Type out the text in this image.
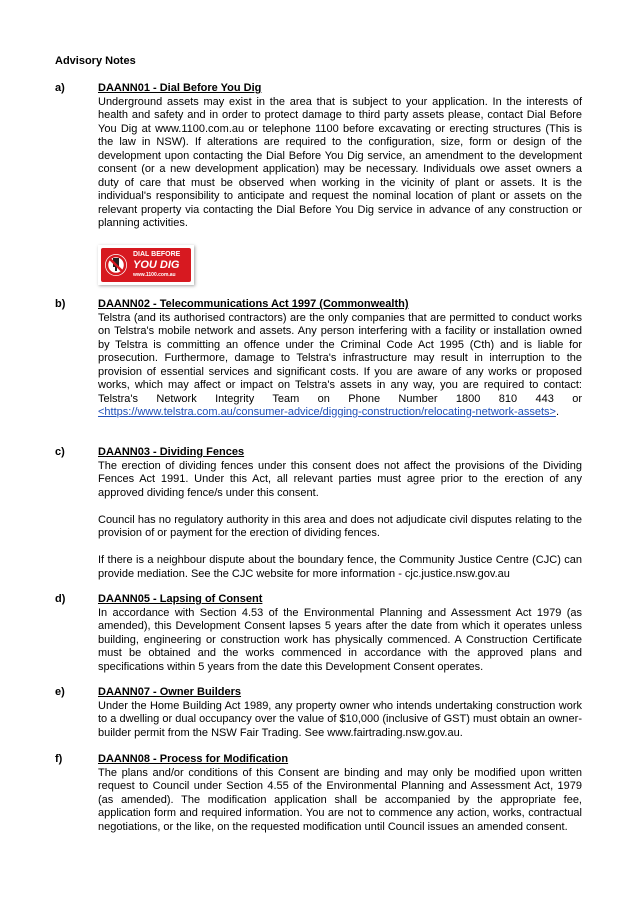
Advisory Notes
a)	DAANN01 - Dial Before You Dig

Underground assets may exist in the area that is subject to your application. In the interests of health and safety and in order to protect damage to third party assets please, contact Dial Before You Dig at www.1100.com.au or telephone 1100 before excavating or erecting structures (This is the law in NSW). If alterations are required to the configuration, size, form or design of the development upon contacting the Dial Before You Dig service, an amendment to the development consent (or a new development application) may be necessary. Individuals owe asset owners a duty of care that must be observed when working in the vicinity of plant or assets. It is the individual's responsibility to anticipate and request the nominal location of plant or assets on the relevant property via contacting the Dial Before You Dig service in advance of any construction or planning activities.

DIAL BEFORE
YOU DIG
www.1100.com.au
b)	DAANN02 - Telecommunications Act 1997 (Commonwealth)

Telstra (and its authorised contractors) are the only companies that are permitted to conduct works on Telstra's mobile network and assets. Any person interfering with a facility or installation owned by Telstra is committing an offence under the Criminal Code Act 1995 (Cth) and is liable for prosecution. Furthermore, damage to Telstra's infrastructure may result in interruption to the provision of essential services and significant costs. If you are aware of any works or proposed works, which may affect or impact on Telstra's assets in any way, you are required to contact: Telstra's Network Integrity Team on Phone Number 1800 810 443 or <https://www.telstra.com.au/consumer-advice/digging-construction/relocating-network-assets>.

c)	DAANN03 - Dividing Fences

The erection of dividing fences under this consent does not affect the provisions of the Dividing Fences Act 1991. Under this Act, all relevant parties must agree prior to the erection of any approved dividing fence/s under this consent.

Council has no regulatory authority in this area and does not adjudicate civil disputes relating to the provision of or payment for the erection of dividing fences.

If there is a neighbour dispute about the boundary fence, the Community Justice Centre (CJC) can provide mediation. See the CJC website for more information - cjc.justice.nsw.gov.au

d)	DAANN05 - Lapsing of Consent

In accordance with Section 4.53 of the Environmental Planning and Assessment Act 1979 (as amended), this Development Consent lapses 5 years after the date from which it operates unless building, engineering or construction work has physically commenced. A Construction Certificate must be obtained and the works commenced in accordance with the approved plans and specifications within 5 years from the date this Development Consent operates.

e)	DAANN07 - Owner Builders

Under the Home Building Act 1989, any property owner who intends undertaking construction work to a dwelling or dual occupancy over the value of $10,000 (inclusive of GST) must obtain an owner-builder permit from the NSW Fair Trading. See www.fairtrading.nsw.gov.au.

f)	DAANN08 - Process for Modification

The plans and/or conditions of this Consent are binding and may only be modified upon written request to Council under Section 4.55 of the Environmental Planning and Assessment Act, 1979 (as amended). The modification application shall be accompanied by the appropriate fee, application form and required information. You are not to commence any action, works, contractual negotiations, or the like, on the requested modification until Council issues an amended consent.
